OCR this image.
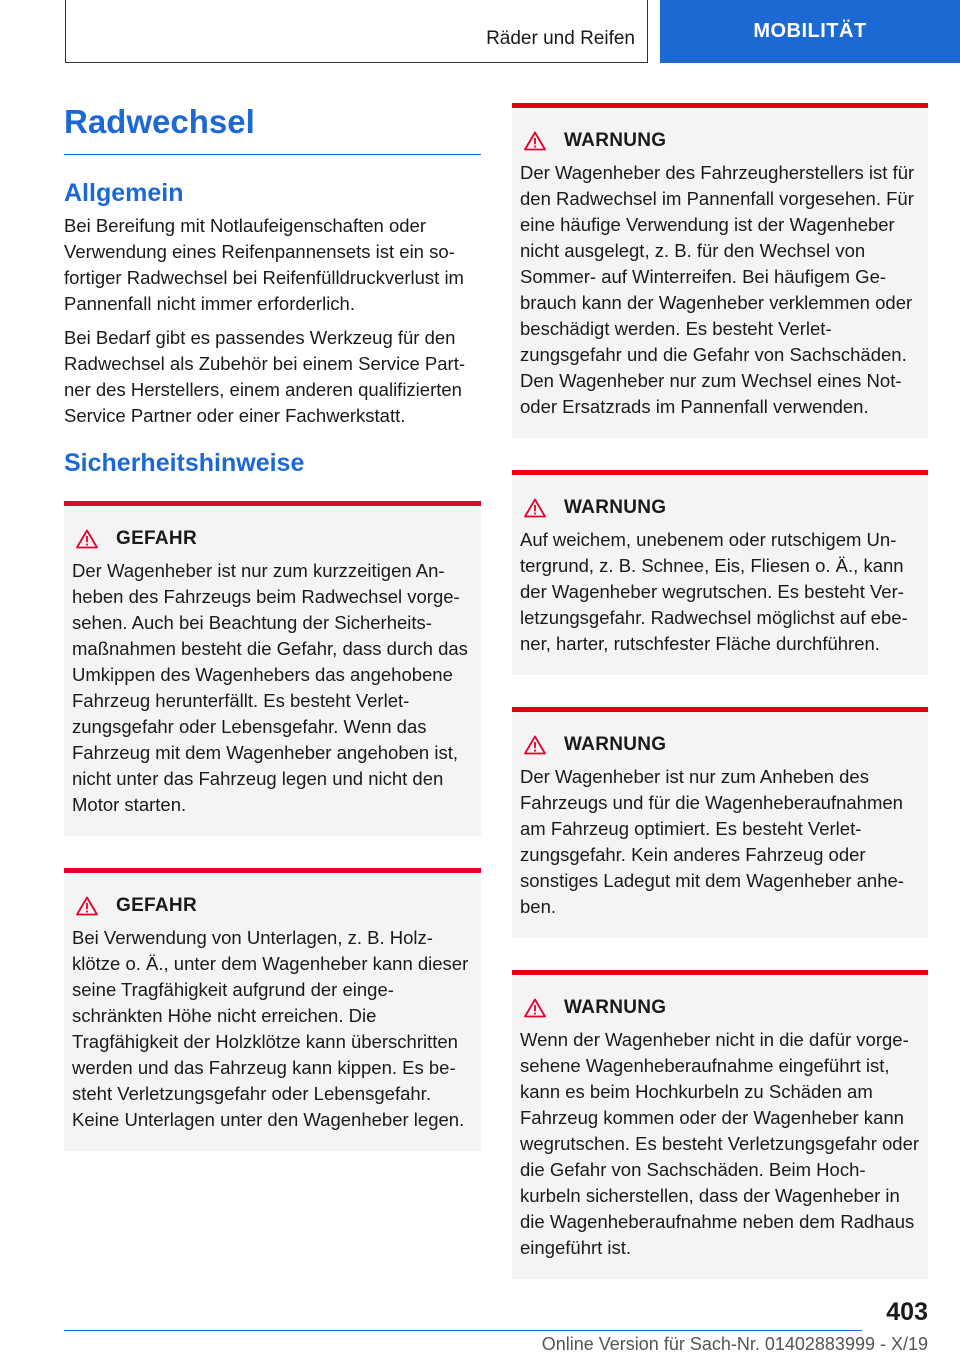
Räder und Reifen	MOBILITÄT
Radwechsel
Allgemein

Bei Bereifung mit Notlaufeigenschaften oder Verwendung eines Reifenpannensets ist ein sofortiger Radwechsel bei Reifenfülldruckverlust im Pannenfall nicht immer erforderlich.

Bei Bedarf gibt es passendes Werkzeug für den Radwechsel als Zubehör bei einem Service Partner des Herstellers, einem anderen qualifizierten Service Partner oder einer Fachwerkstatt.

Sicherheitshinweise
GEFAHR

Der Wagenheber ist nur zum kurzzeitigen Anheben des Fahrzeugs beim Radwechsel vorgesehen. Auch bei Beachtung der Sicherheitsmaßnahmen besteht die Gefahr, dass durch das Umkippen des Wagenhebers das angehobene Fahrzeug herunterfällt. Es besteht Verletzungsgefahr oder Lebensgefahr. Wenn das Fahrzeug mit dem Wagenheber angehoben ist, nicht unter das Fahrzeug legen und nicht den Motor starten.

GEFAHR

Bei Verwendung von Unterlagen, z. B. Holzklötze o. Ä., unter dem Wagenheber kann dieser seine Tragfähigkeit aufgrund der eingeschränkten Höhe nicht erreichen. Die Tragfähigkeit der Holzklötze kann überschritten werden und das Fahrzeug kann kippen. Es besteht Verletzungsgefahr oder Lebensgefahr. Keine Unterlagen unter den Wagenheber legen.

WARNUNG

Der Wagenheber des Fahrzeugherstellers ist für den Radwechsel im Pannenfall vorgesehen. Für eine häufige Verwendung ist der Wagenheber nicht ausgelegt, z. B. für den Wechsel von Sommer- auf Winterreifen. Bei häufigem Gebrauch kann der Wagenheber verklemmen oder beschädigt werden. Es besteht Verletzungsgefahr und die Gefahr von Sachschäden. Den Wagenheber nur zum Wechsel eines Not- oder Ersatzrads im Pannenfall verwenden.

WARNUNG

Auf weichem, unebenem oder rutschigem Untergrund, z. B. Schnee, Eis, Fliesen o. Ä., kann der Wagenheber wegrutschen. Es besteht Verletzungsgefahr. Radwechsel möglichst auf ebener, harter, rutschfester Fläche durchführen.

WARNUNG

Der Wagenheber ist nur zum Anheben des Fahrzeugs und für die Wagenheberaufnahmen am Fahrzeug optimiert. Es besteht Verletzungsgefahr. Kein anderes Fahrzeug oder sonstiges Ladegut mit dem Wagenheber anheben.

WARNUNG

Wenn der Wagenheber nicht in die dafür vorgesehene Wagenheberaufnahme eingeführt ist, kann es beim Hochkurbeln zu Schäden am Fahrzeug kommen oder der Wagenheber kann wegrutschen. Es besteht Verletzungsgefahr oder die Gefahr von Sachschäden. Beim Hochkurbeln sicherstellen, dass der Wagenheber in die Wagenheberaufnahme neben dem Radhaus eingeführt ist.

403
Online Version für Sach-Nr. 01402883999 - X/19
